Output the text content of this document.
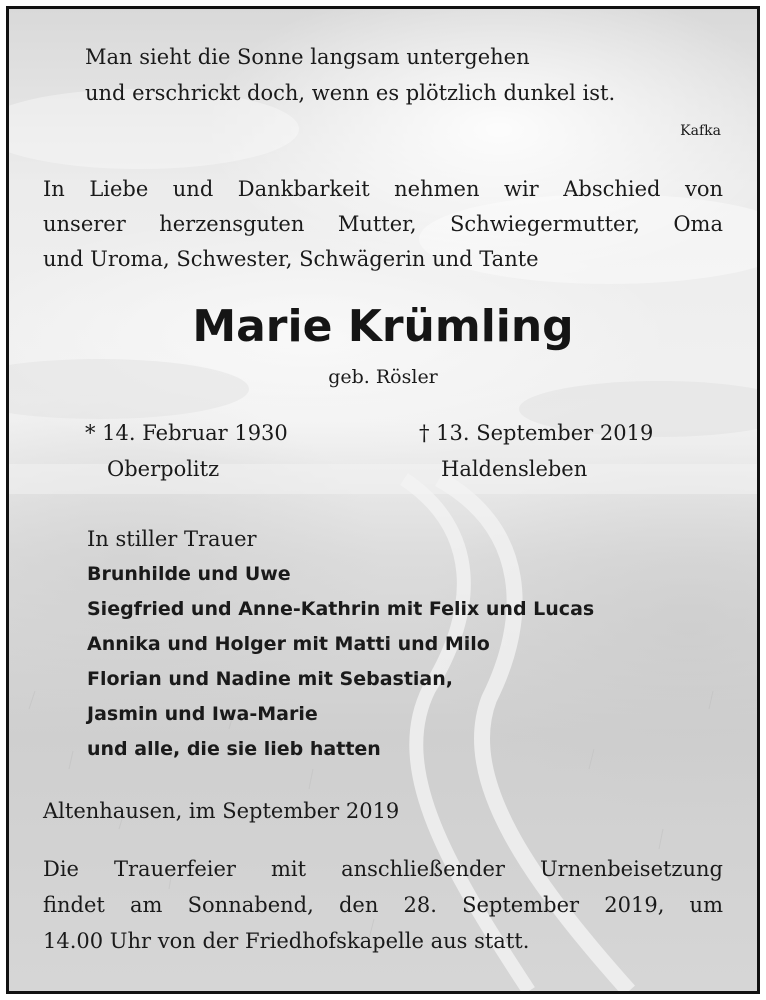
Man sieht die Sonne langsam untergehen
und erschrickt doch, wenn es plötzlich dunkel ist.
Kafka
In Liebe und Dankbarkeit nehmen wir Abschied von
unserer herzensguten Mutter, Schwiegermutter, Oma
und Uroma, Schwester, Schwägerin und Tante
Marie Krümling
geb. Rösler
* 14. Februar 1930
Oberpolitz
† 13. September 2019
Haldensleben
In stiller Trauer
Brunhilde und Uwe
Siegfried und Anne-Kathrin mit Felix und Lucas
Annika und Holger mit Matti und Milo
Florian und Nadine mit Sebastian,
Jasmin und Iwa-Marie
und alle, die sie lieb hatten
Altenhausen, im September 2019
Die Trauerfeier mit anschließender Urnenbeisetzung
findet am Sonnabend, den 28. September 2019, um
14.00 Uhr von der Friedhofskapelle aus statt.
